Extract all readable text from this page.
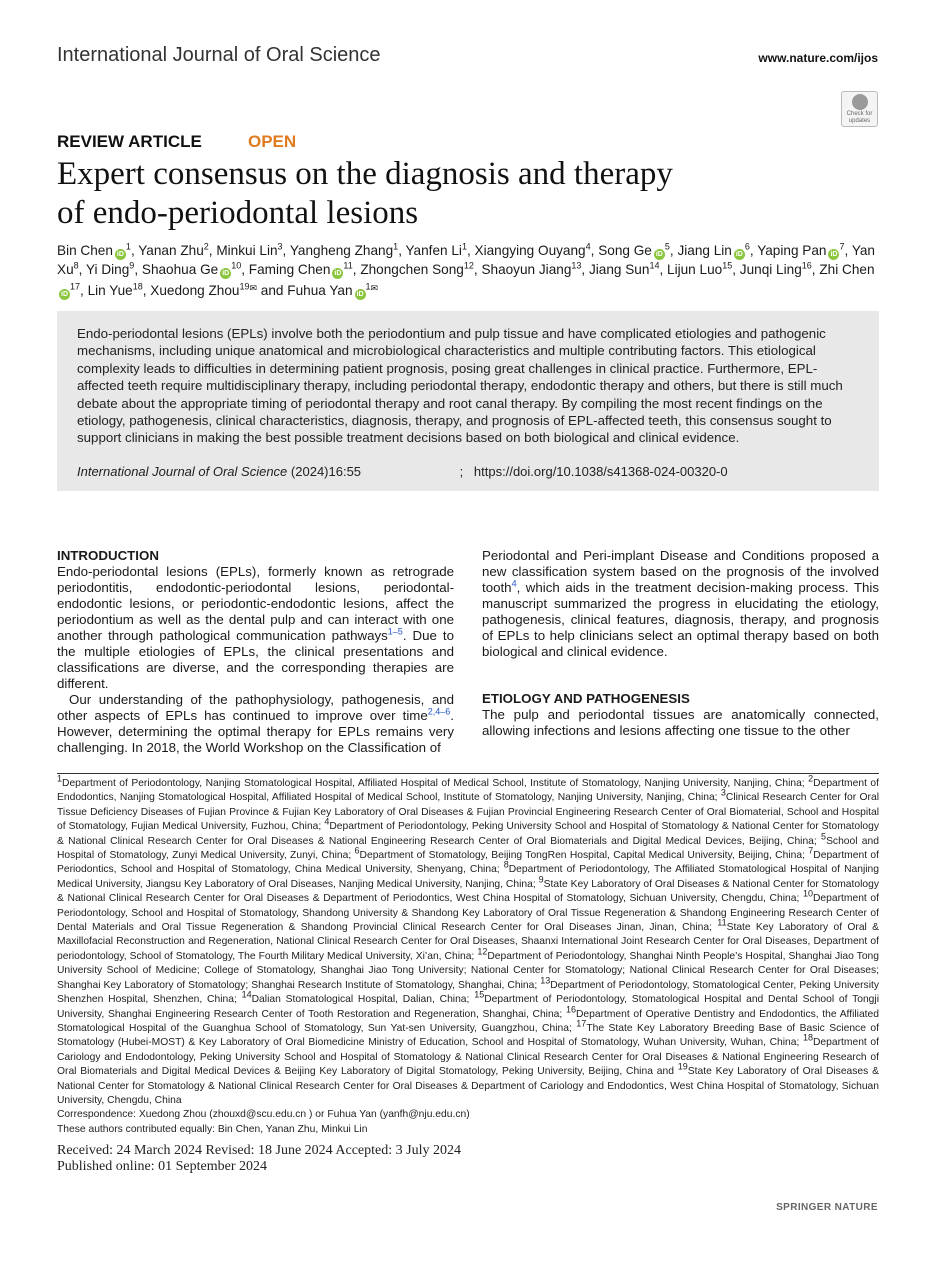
International Journal of Oral Science	www.nature.com/ijos
Check for updates
REVIEW ARTICLE	OPEN
Expert consensus on the diagnosis and therapy
of endo-periodontal lesions
Bin Chen $iD^1$, Yanan Zhu$^2$, Minkui Lin$^3$, Yangheng Zhang$^1$, Yanfen Li$^1$, Xiangying Ouyang$^4$, Song Ge $iD^5$, Jiang Lin $iD^6$, Yaping Pan $iD^7$, Yan Xu$^8$, Yi Ding$^9$, Shaohua Ge $iD^{10}$, Faming Chen $iD^{11}$, Zhongchen Song$^{12}$, Shaoyun Jiang$^{13}$, Jiang Sun$^{14}$, Lijun Luo$^{15}$, Junqi Ling$^{16}$, Zhi CheniD$^{17}$, Lin Yue$^{18}$, Xuedong Zhou$^{19✉}$ and Fuhua Yan $iD^{1✉}$
Endo-periodontal lesions (EPLs) involve both the periodontium and pulp tissue and have complicated etiologies and pathogenic mechanisms, including unique anatomical and microbiological characteristics and multiple contributing factors. This etiological complexity leads to difficulties in determining patient prognosis, posing great challenges in clinical practice. Furthermore, EPL-affected teeth require multidisciplinary therapy, including periodontal therapy, endodontic therapy and others, but there is still much debate about the appropriate timing of periodontal therapy and root canal therapy. By compiling the most recent findings on the etiology, pathogenesis, clinical characteristics, diagnosis, therapy, and prognosis of EPL-affected teeth, this consensus sought to support clinicians in making the best possible treatment decisions based on both biological and clinical evidence.
International Journal of Oral Science (2024)16:55	; https://doi.org/10.1038/s41368-024-00320-0
INTRODUCTION

Endo-periodontal lesions (EPLs), formerly known as retrograde periodontitis, endodontic-periodontal lesions, periodontal-endodontic lesions, or periodontic-endodontic lesions, affect the periodontium as well as the dental pulp and can interact with one another through pathological communication pathways$^{1-5}$. Due to the multiple etiologies of EPLs, the clinical presentations and classifications are diverse, and the corresponding therapies are different.

Our understanding of the pathophysiology, pathogenesis, and other aspects of EPLs has continued to improve over time$^{2,4-6}$. However, determining the optimal therapy for EPLs remains very challenging. In 2018, the World Workshop on the Classification of

Periodontal and Peri-implant Disease and Conditions proposed a new classification system based on the prognosis of the involved tooth$^4$, which aids in the treatment decision-making process. This manuscript summarized the progress in elucidating the etiology, pathogenesis, clinical features, diagnosis, therapy, and prognosis of EPLs to help clinicians select an optimal therapy based on both biological and clinical evidence.

ETIOLOGY AND PATHOGENESIS

The pulp and periodontal tissues are anatomically connected, allowing infections and lesions affecting one tissue to the other

$^1$Department of Periodontology, Nanjing Stomatological Hospital, Affiliated Hospital of Medical School, Institute of Stomatology, Nanjing University, Nanjing, China; $^2$Department of Endodontics, Nanjing Stomatological Hospital, Affiliated Hospital of Medical School, Institute of Stomatology, Nanjing University, Nanjing, China; $^3$Clinical Research Center for Oral Tissue Deficiency Diseases of Fujian Province & Fujian Key Laboratory of Oral Diseases & Fujian Provincial Engineering Research Center of Oral Biomaterial, School and Hospital of Stomatology, Fujian Medical University, Fuzhou, China; $^4$Department of Periodontology, Peking University School and Hospital of Stomatology & National Center for Stomatology & National Clinical Research Center for Oral Diseases & National Engineering Research Center of Oral Biomaterials and Digital Medical Devices, Beijing, China; $^5$School and Hospital of Stomatology, Zunyi Medical University, Zunyi, China; $^6$Department of Stomatology, Beijing TongRen Hospital, Capital Medical University, Beijing, China; $^7$Department of Periodontics, School and Hospital of Stomatology, China Medical University, Shenyang, China; $^8$Department of Periodontology, The Affiliated Stomatological Hospital of Nanjing Medical University, Jiangsu Key Laboratory of Oral Diseases, Nanjing Medical University, Nanjing, China; $^9$State Key Laboratory of Oral Diseases & National Center for Stomatology & National Clinical Research Center for Oral Diseases & Department of Periodontics, West China Hospital of Stomatology, Sichuan University, Chengdu, China; $^{10}$Department of Periodontology, School and Hospital of Stomatology, Shandong University & Shandong Key Laboratory of Oral Tissue Regeneration & Shandong Engineering Research Center of Dental Materials and Oral Tissue Regeneration & Shandong Provincial Clinical Research Center for Oral Diseases Jinan, Jinan, China; $^{11}$State Key Laboratory of Oral & Maxillofacial Reconstruction and Regeneration, National Clinical Research Center for Oral Diseases, Shaanxi International Joint Research Center for Oral Diseases, Department of periodontology, School of Stomatology, The Fourth Military Medical University, Xi’an, China; $^{12}$Department of Periodontology, Shanghai Ninth People’s Hospital, Shanghai Jiao Tong University School of Medicine; College of Stomatology, Shanghai Jiao Tong University; National Center for Stomatology; National Clinical Research Center for Oral Diseases; Shanghai Key Laboratory of Stomatology; Shanghai Research Institute of Stomatology, Shanghai, China; $^{13}$Department of Periodontology, Stomatological Center, Peking University Shenzhen Hospital, Shenzhen, China; $^{14}$Dalian Stomatological Hospital, Dalian, China; $^{15}$Department of Periodontology, Stomatological Hospital and Dental School of Tongji University, Shanghai Engineering Research Center of Tooth Restoration and Regeneration, Shanghai, China; $^{16}$Department of Operative Dentistry and Endodontics, the Affiliated Stomatological Hospital of the Guanghua School of Stomatology, Sun Yat-sen University, Guangzhou, China; $^{17}$The State Key Laboratory Breeding Base of Basic Science of Stomatology (Hubei-MOST) & Key Laboratory of Oral Biomedicine Ministry of Education, School and Hospital of Stomatology, Wuhan University, Wuhan, China; $^{18}$Department of Cariology and Endodontology, Peking University School and Hospital of Stomatology & National Clinical Research Center for Oral Diseases & National Engineering Research of Oral Biomaterials and Digital Medical Devices & Beijing Key Laboratory of Digital Stomatology, Peking University, Beijing, China and $^{19}$State Key Laboratory of Oral Diseases & National Center for Stomatology & National Clinical Research Center for Oral Diseases & Department of Cariology and Endodontics, West China Hospital of Stomatology, Sichuan University, Chengdu, China

Correspondence: Xuedong Zhou (zhouxd@scu.edu.cn ) or Fuhua Yan (yanfh@nju.edu.cn)

These authors contributed equally: Bin Chen, Yanan Zhu, Minkui Lin

Received: 24 March 2024 Revised: 18 June 2024 Accepted: 3 July 2024
Published online: 01 September 2024
SPRINGER NATURE
